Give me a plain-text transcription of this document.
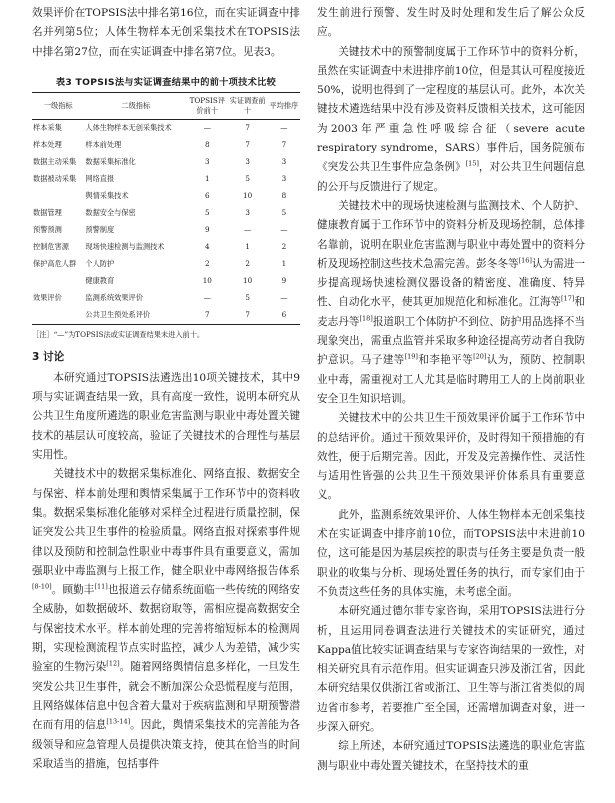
效果评价在TOPSIS法中排名第16位，而在实证调查中排名并列第5位；人体生物样本无创采集技术在TOPSIS法中排名第27位，而在实证调查中排名第7位。见表3。

表3 TOPSIS法与实证调查结果中的前十项技术比较
一级指标	二级指标	TOPSIS评价前十	实证调查前十	平均排序
样本采集	人体生物样本无创采集技术	—	7	—
样本处理	样本前处理	8	7	7
数据主动采集	数据采集标准化	3	3	3
数据被动采集	网络直报	1	5	3
	舆情采集技术	6	10	8
数据管理	数据安全与保密	5	3	5
预警预测	预警制度	9	—	—
控制危害源	现场快速检测与监测技术	4	1	2
保护高危人群	个人防护	2	2	1
	健康教育	10	10	9
效果评价	监测系统效果评价	—	5	—
	公共卫生预处系评价	7	7	6
［注］“—”为TOPSIS法或实证调查结果未进入前十。
3 讨论

本研究通过TOPSIS法遴选出10项关键技术，其中9项与实证调查结果一致，具有高度一致性，说明本研究从公共卫生角度所遴选的职业危害监测与职业中毒处置关键技术的基层认可度较高，验证了关键技术的合理性与基层实用性。

关键技术中的数据采集标准化、网络直报、数据安全与保密、样本前处理和舆情采集属于工作环节中的资料收集。数据采集标准化能够对采样全过程进行质量控制，保证突发公共卫生事件的检验质量。网络直报对探索事件规律以及预防和控制急性职业中毒事件具有重要意义，需加强职业中毒监测与上报工作，健全职业中毒网络报告体系[8-10]。顾勤丰[11]也报道云存储系统面临一些传统的网络安全威胁，如数据破坏、数据窃取等，需相应提高数据安全与保密技术水平。样本前处理的完善将缩短标本的检测周期，实现检测流程节点实时监控，减少人为差错，减少实验室的生物污染[12]。随着网络舆情信息多样化，一旦发生突发公共卫生事件，就会不断加深公众恐慌程度与范围，且网络媒体信息中包含着大量对于疾病监测和早期预警潜在而有用的信息[13-14]。因此，舆情采集技术的完善能为各级领导和应急管理人员提供决策支持，使其在恰当的时间采取适当的措施，包括事件

发生前进行预警、发生时及时处理和发生后了解公众反应。

关键技术中的预警制度属于工作环节中的资料分析，虽然在实证调查中未进排序前10位，但是其认可程度接近50%，说明也得到了一定程度的基层认可。此外，本次关键技术遴选结果中没有涉及资料反馈相关技术，这可能因为2003年严重急性呼吸综合征（severe acute respiratory syndrome，SARS）事件后，国务院颁布《突发公共卫生事件应急条例》[15]，对公共卫生问题信息的公开与反馈进行了规定。

关键技术中的现场快速检测与监测技术、个人防护、健康教育属于工作环节中的资料分析及现场控制，总体排名靠前，说明在职业危害监测与职业中毒处置中的资料分析及现场控制这些技术急需完善。彭冬冬等[16]认为需进一步提高现场快速检测仪器设备的精密度、准确度、特异性、自动化水平，使其更加规范化和标准化。江海等[17]和麦志丹等[18]报道职工个体防护不到位、防护用品选择不当现象突出，需重点监管并采取多种途径提高劳动者自我防护意识。马子建等[19]和李艳平等[20]认为，预防、控制职业中毒，需重视对工人尤其是临时聘用工人的上岗前职业安全卫生知识培训。

关键技术中的公共卫生干预效果评价属于工作环节中的总结评价。通过干预效果评价，及时得知干预措施的有效性，便于后期完善。因此，开发及完善操作性、灵活性与适用性皆强的公共卫生干预效果评价体系具有重要意义。

此外，监测系统效果评价、人体生物样本无创采集技术在实证调查中排序前10位，而TOPSIS法中未进前10位，这可能是因为基层疾控的职责与任务主要是负责一般职业的收集与分析、现场处置任务的执行，而专家们由于不负责这些任务的具体实施，未考虑全面。

本研究通过德尔菲专家咨询，采用TOPSIS法进行分析，且运用同卷调查法进行关键技术的实证研究，通过Kappa值比较实证调查结果与专家咨询结果的一致性，对相关研究具有示范作用。但实证调查只涉及浙江省，因此本研究结果仅供浙江省或浙江、卫生等与浙江省类似的周边省市参考，若要推广至全国，还需增加调查对象，进一步深入研究。

综上所述，本研究通过TOPSIS法遴选的职业危害监测与职业中毒处置关键技术，在坚持技术的重
